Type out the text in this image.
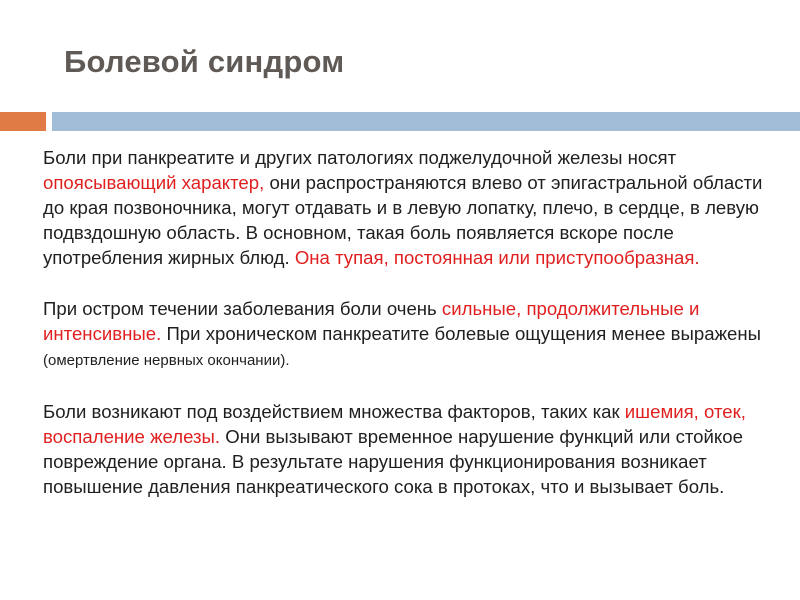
Болевой синдром

Боли при панкреатите и других патологиях поджелудочной железы носят опоясывающий характер, они распространяются влево от эпигастральной области до края позвоночника, могут отдавать и в левую лопатку, плечо, в сердце, в левую подвздошную область. В основном, такая боль появляется вскоре после употребления жирных блюд. Она тупая, постоянная или приступообразная.

При остром течении заболевания боли очень сильные, продолжительные и интенсивные. При хроническом панкреатите болевые ощущения менее выражены (омертвление нервных окончании).

Боли возникают под воздействием множества факторов, таких как ишемия, отек, воспаление железы. Они вызывают временное нарушение функций или стойкое повреждение органа. В результате нарушения функционирования возникает повышение давления панкреатического сока в протоках, что и вызывает боль.
